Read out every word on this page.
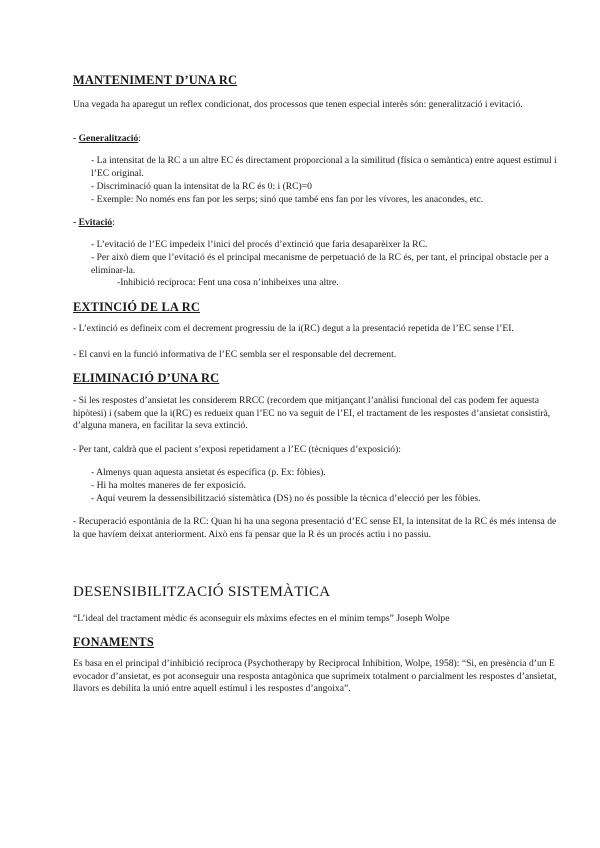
MANTENIMENT D’UNA RC
Una vegada ha aparegut un reflex condicionat, dos processos que tenen especial interès són: generalització i evitació.
- Generalització:
- La intensitat de la RC a un altre EC és directament proporcional a la similitud (física o semàntica) entre aquest estímul i l’EC original.
- Discriminació quan la intensitat de la RC és 0: i (RC)=0
- Exemple: No només ens fan por les serps; sinó que també ens fan por les vívores, les anacondes, etc.
- Evitació:
- L’evitació de l’EC impedeix l’inici del procés d’extinció que faria desaparèixer la RC.
- Per això diem que l’evitació és el principal mecanisme de perpetuació de la RC és, per tant, el principal obstacle per a eliminar-la.
-Inhibició recíproca: Fent una cosa n’inhibeixes una altre.
EXTINCIÓ DE LA RC
- L’extinció es defineix com el decrement progressiu de la i(RC) degut a la presentació repetida de l’EC sense l’EI.
- El canvi en la funció informativa de l’EC sembla ser el responsable del decrement.
ELIMINACIÓ D’UNA RC
- Si les respostes d’ansietat les considerem RRCC (recordem que mitjançant l’anàlisi funcional del cas podem fer aquesta hipòtesi) i (sabem que la i(RC) es redueix quan l’EC no va seguit de l’EI, el tractament de les respostes d’ansietat consistirà, d’alguna manera, en facilitar la seva extinció.
- Per tant, caldrà que el pacient s’exposi repetidament a l’EC (tècniques d’exposició):
- Almenys quan aquesta ansietat és específica (p. Ex: fòbies).
- Hi ha moltes maneres de fer exposició.
- Aquí veurem la dessensibilització sistemàtica (DS) no és possible la tècnica d’elecció per les fòbies.
- Recuperació espontània de la RC: Quan hi ha una segona presentació d’EC sense EI, la intensitat de la RC és més intensa de la que havíem deixat anteriorment. Això ens fa pensar que la R és un procés actiu i no passiu.
DESENSIBILITZACIÓ SISTEMÀTICA
“L’ideal del tractament mèdic és aconseguir els màxims efectes en el mínim temps” Joseph Wolpe
FONAMENTS
Es basa en el principal d’inhibició recíproca (Psychotherapy by Reciprocal Inhibition, Wolpe, 1958): “Si, en presència d’un E evocador d’ansietat, es pot aconseguir una resposta antagònica que suprimeix totalment o parcialment les respostes d’ansietat, llavors es debilita la unió entre aquell estímul i les respostes d’angoixa”.
